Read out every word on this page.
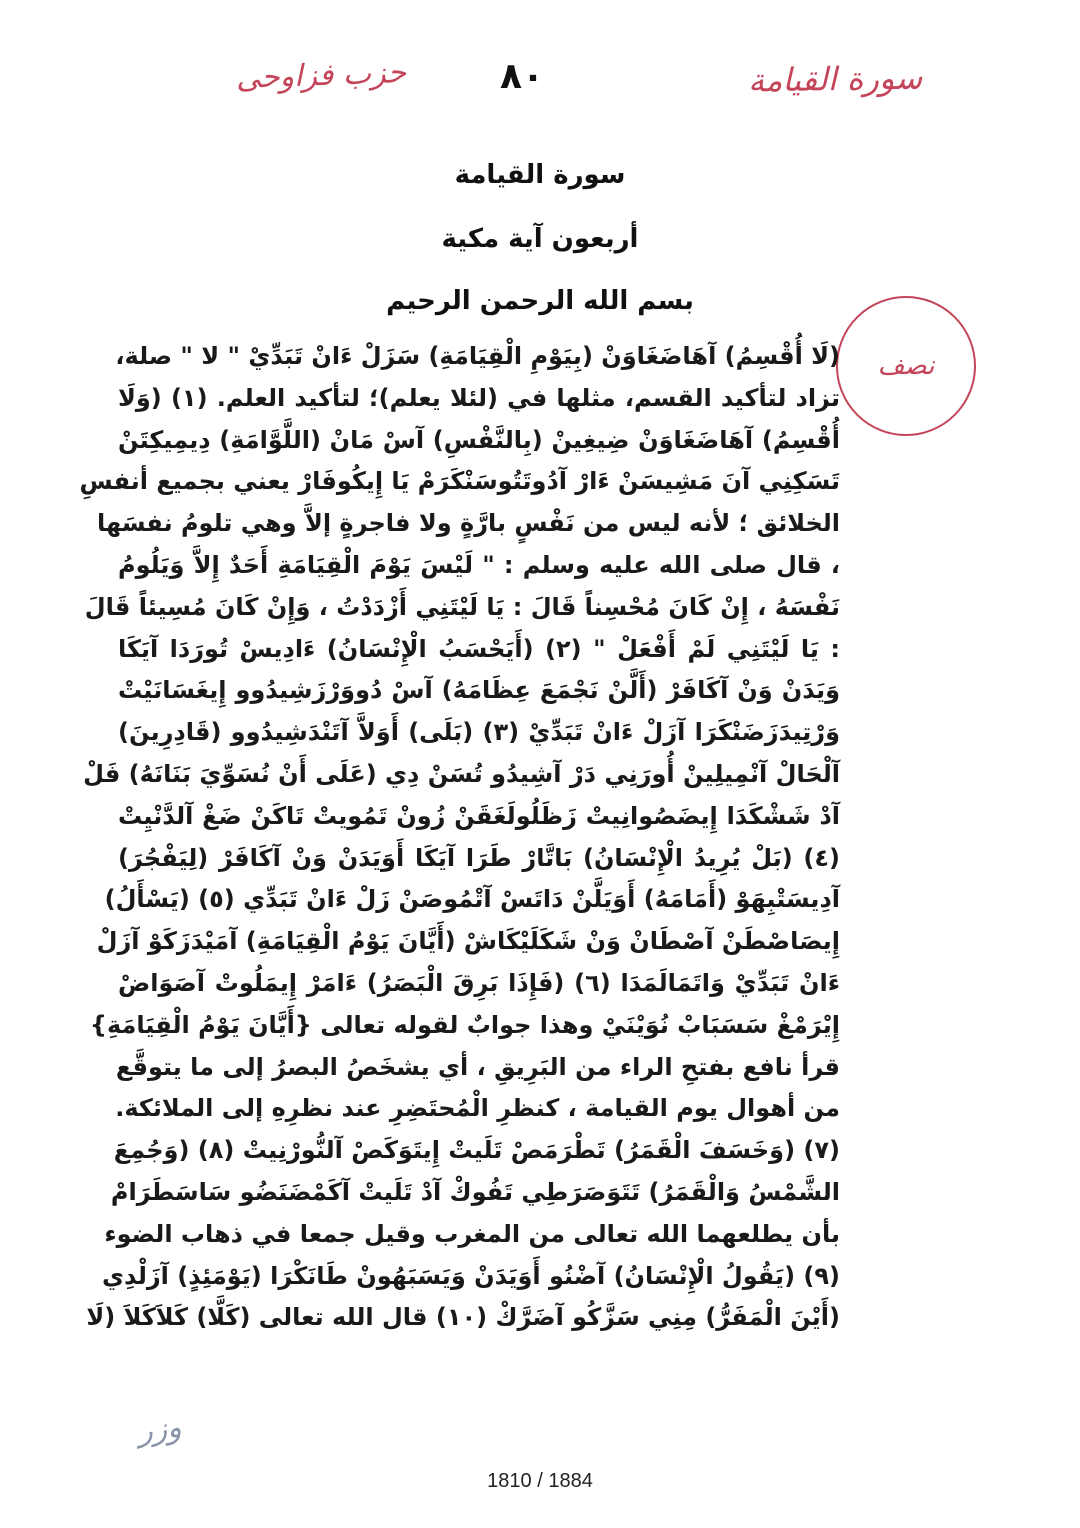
حزب فزاوحى	٨٠	سورة القيامة
سورة القيامة
أربعون آية مكية
بسم الله الرحمن الرحيم
نصف
(لَا أُقْسِمُ) آهَاضَغَاوَنْ (بِيَوْمِ الْقِيَامَةِ) سَزَلْ ءَانْ تَبَدِّيْ " لا " صلة،
تزاد لتأكيد القسم، مثلها في (لئلا يعلم)؛ لتأكيد العلم. (١) (وَلَا
أُقْسِمُ) آهَاضَغَاوَنْ ضِيغِينْ (بِالنَّفْسِ) آسْ مَانْ (اللَّوَّامَةِ) دِيمِيكِتَنْ
تَسَكِنِي آنَ مَشِيسَنْ ءَارْ آدُوتَتُوسَنْكَرَمْ يَا إِيكُوفَارْ يعني بجميع أنفسِ
الخلائق ؛ لأنه ليس من نَفْسٍ بارَّةٍ ولا فاجرةٍ إلاَّ وهي تلومُ نفسَها
، قال صلى الله عليه وسلم : " لَيْسَ يَوْمَ الْقِيَامَةِ أَحَدٌ إِلاَّ وَيَلُومُ
نَفْسَهُ ، إِنْ كَانَ مُحْسِناً قَالَ : يَا لَيْتَنِي أَزْدَدْتُ ، وَإِنْ كَانَ مُسِيئاً قَالَ
: يَا لَيْتَنِي لَمْ أَفْعَلْ " (٢) (أَيَحْسَبُ الْإِنْسَانُ) ءَادِيسْ تُورَدَا آيَكَا
وَيَدَنْ وَنْ آكَافَرْ (أَلَّنْ نَجْمَعَ عِظَامَهُ) آسْ دُووَرْزَشِيدُوو إِيغَسَانَيْتْ
وَرْتِيدَزَضَنْكَرَا آزَلْ ءَانْ تَبَدِّيْ (٣) (بَلَى) أَوَلاَّ آتَنْدَشِيدُوو (قَادِرِينَ)
آلْحَالْ آنْمِيلِينْ أُورَنِي دَرْ آشِيدُو تُسَنْ دِي (عَلَى أَنْ نُسَوِّيَ بَنَانَهُ) فَلْ
آدْ شَشْكَدَا إِيضَصُوانِيتْ زَظَلُولَغَقَنْ زُونْ تَمُويتْ تَاكَنْ ضَغْ آلدَّنْيِتْ
(٤) (بَلْ يُرِيدُ الْإِنْسَانُ) بَاتَّارْ طَرَا آيَكَا أَوَيَدَنْ وَنْ آكَافَرْ (لِيَفْجُرَ)
آدِيسَتْبِهَوْ (أَمَامَهُ) أَوَيَلَّنْ دَاتَسْ آتْمُوصَنْ زَلْ ءَانْ تَبَدِّي (٥) (يَسْأَلُ)
إِيصَاصْطَنْ آصْطَانْ وَنْ شَكَلَيْكَاشْ (أَيَّانَ يَوْمُ الْقِيَامَةِ) آمَيْدَزَكَوْ آزَلْ
ءَانْ تَبَدِّيْ وَاتَمَالَمَدَا (٦) (فَإِذَا بَرِقَ الْبَصَرُ) ءَامَرْ إِيمَلُوتْ آصَوَاضْ
إِيْرَمْغْ سَسَبَابْ نُوَيْنَيْ وهذا جوابٌ لقوله تعالى {أَيَّانَ يَوْمُ الْقِيَامَةِ}
قرأ نافع بفتحِ الراء من البَرِيقِ ، أي يشخَصُ البصرُ إلى ما يتوقَّع
من أهوال يوم القيامة ، كنظرِ الْمُحتَضِرِ عند نظرِهِ إلى الملائكة.
(٧) (وَخَسَفَ الْقَمَرُ) تَطْرَمَصْ تَلَيتْ إِيتَوَكَصْ آلنُّورْنِيتْ (٨) (وَجُمِعَ
الشَّمْسُ وَالْقَمَرُ) تَتَوَصَرَطِي تَفُوكْ آدْ تَلَيتْ آكَمْضَنَضُو سَاسَطَرَامْ
بأن يطلعهما الله تعالى من المغرب وقيل جمعا في ذهاب الضوء
(٩) (يَقُولُ الْإِنْسَانُ) آضْنُو أَوَيَدَنْ وَيَسَبَهُونْ طَانَكْرَا (يَوْمَئِذٍ) آزَلْدِي
(أَيْنَ الْمَفَرُّ) مِنِي سَزَّكُو آضَرَّكْ (١٠) قال الله تعالى (كَلَّا) كَلاَكَلاَ (لَا
وزر
1810 / 1884
